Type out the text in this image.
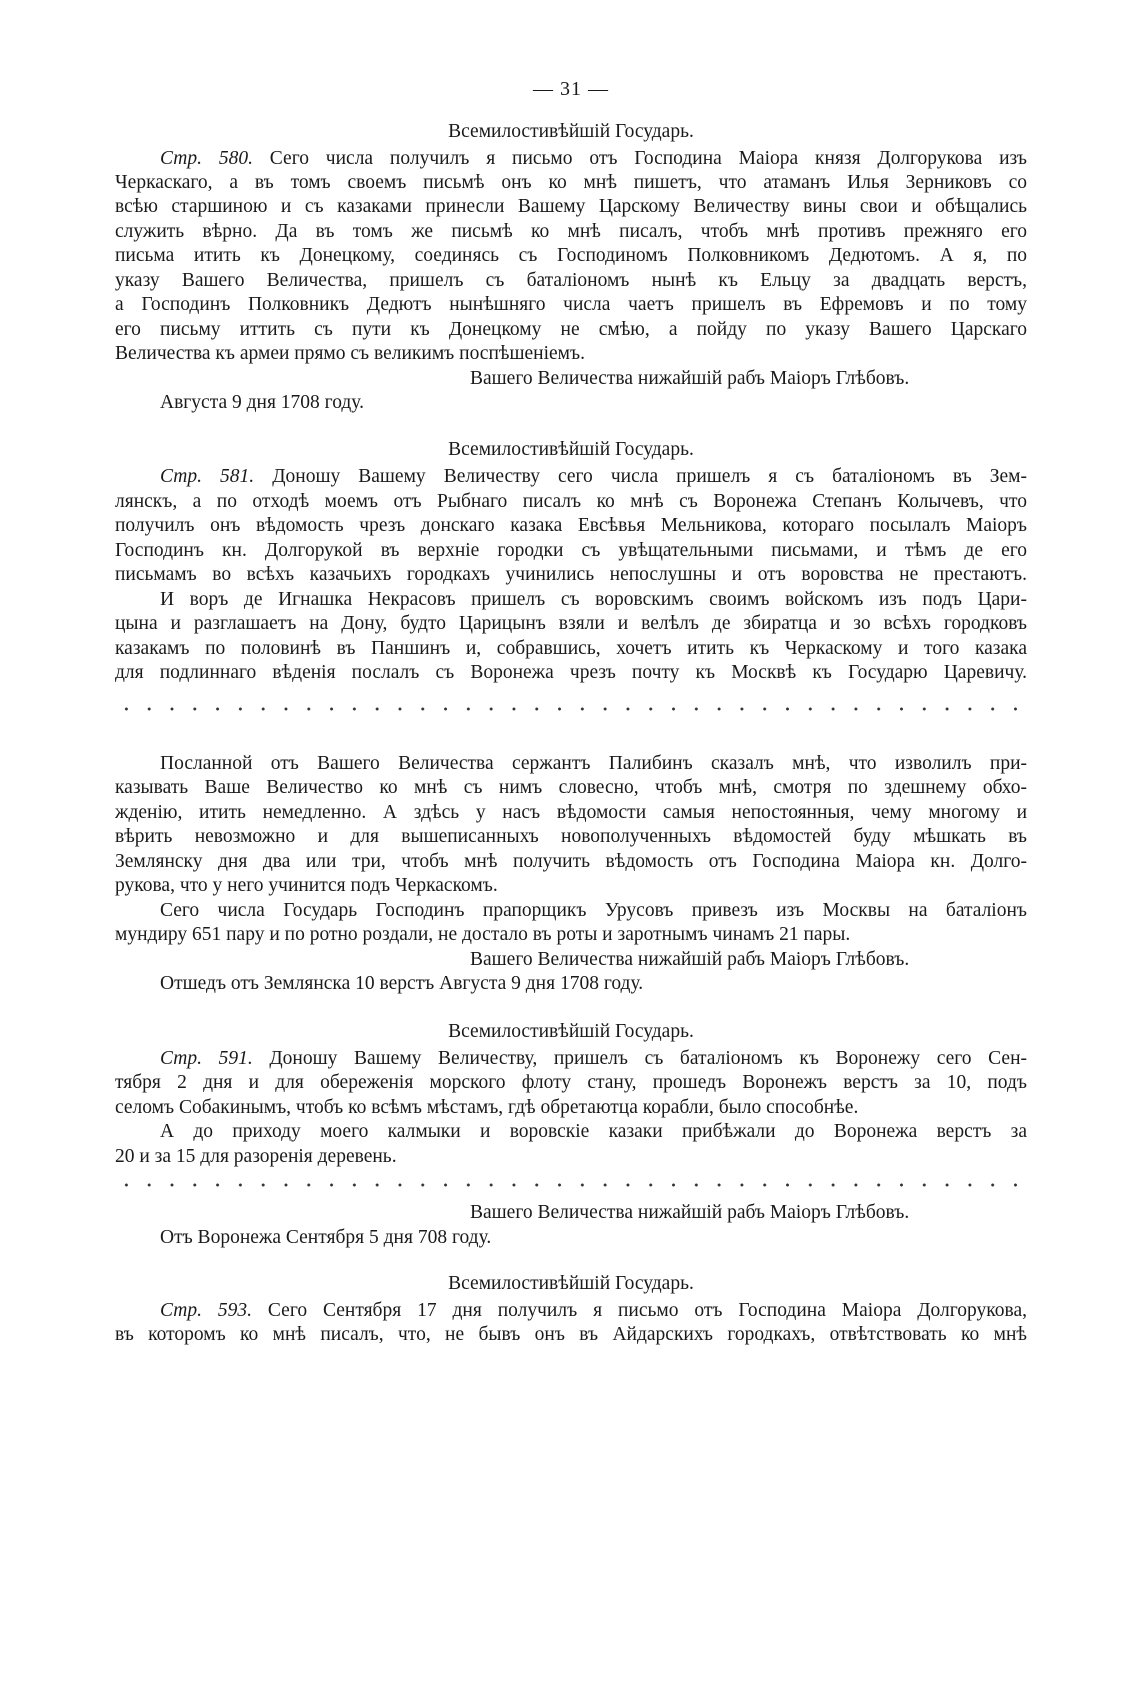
— 31 —
Всемилостивѣйшій Государь.
Стр. 580. Сего числа получилъ я письмо отъ Господина Маіора князя Долгорукова изъ
Черкаскаго, а въ томъ своемъ письмѣ онъ ко мнѣ пишетъ, что атаманъ Илья Зерниковъ со
всѣю старшиною и съ казаками принесли Вашему Царскому Величеству вины свои и обѣщались
служить вѣрно. Да въ томъ же письмѣ ко мнѣ писалъ, чтобъ мнѣ противъ прежняго его
письма итить къ Донецкому, соединясь съ Господиномъ Полковникомъ Дедютомъ. А я, по
указу Вашего Величества, пришелъ съ баталіономъ нынѣ къ Ельцу за двадцать верстъ,
а Господинъ Полковникъ Дедютъ нынѣшняго числа чаетъ пришелъ въ Ефремовъ и по тому
его письму иттить съ пути къ Донецкому не смѣю, а пойду по указу Вашего Царскаго
Величества къ армеи прямо съ великимъ поспѣшеніемъ.
Вашего Величества нижайшій рабъ Маіоръ Глѣбовъ.
Августа 9 дня 1708 году.
Всемилостивѣйшій Государь.
Стр. 581. Доношу Вашему Величеству сего числа пришелъ я съ баталіономъ въ Зем-
лянскъ, а по отходѣ моемъ отъ Рыбнаго писалъ ко мнѣ съ Воронежа Степанъ Колычевъ, что
получилъ онъ вѣдомость чрезъ донскаго казака Евсѣвья Мельникова, котораго посылалъ Маіоръ
Господинъ кн. Долгорукой въ верхніе городки съ увѣщательными письмами, и тѣмъ де его
письмамъ во всѣхъ казачьихъ городкахъ учинились непослушны и отъ воровства не престаютъ.
И воръ де Игнашка Некрасовъ пришелъ съ воровскимъ своимъ войскомъ изъ подъ Цари-
цына и разглашаетъ на Дону, будто Царицынъ взяли и велѣлъ де збиратца и зо всѣхъ городковъ
казакамъ по половинѣ въ Паншинъ и, собравшись, хочетъ итить къ Черкаскому и того казака
для подлиннаго вѣденія послалъ съ Воронежа чрезъ почту къ Москвѣ къ Государю Царевичу.
Посланной отъ Вашего Величества сержантъ Палибинъ сказалъ мнѣ, что изволилъ при-
казывать Ваше Величество ко мнѣ съ нимъ словесно, чтобъ мнѣ, смотря по здешнему обхо-
жденію, итить немедленно. А здѣсь у насъ вѣдомости самыя непостоянныя, чему многому и
вѣрить невозможно и для вышеписанныхъ новополученныхъ вѣдомостей буду мѣшкать въ
Землянску дня два или три, чтобъ мнѣ получить вѣдомость отъ Господина Маіора кн. Долго-
рукова, что у него учинится подъ Черкаскомъ.
Сего числа Государь Господинъ прапорщикъ Урусовъ привезъ изъ Москвы на баталіонъ
мундиру 651 пару и по ротно роздали, не достало въ роты и заротнымъ чинамъ 21 пары.
Вашего Величества нижайшій рабъ Маіоръ Глѣбовъ.
Отшедъ отъ Землянска 10 верстъ Августа 9 дня 1708 году.
Всемилостивѣйшій Государь.
Стр. 591. Доношу Вашему Величеству, пришелъ съ баталіономъ къ Воронежу сего Сен-
тября 2 дня и для обереженія морского флоту стану, прошедъ Воронежъ верстъ за 10, подъ
селомъ Собакинымъ, чтобъ ко всѣмъ мѣстамъ, гдѣ обретаютца корабли, было способнѣе.
А до приходу моего калмыки и воровскіе казаки прибѣжали до Воронежа верстъ за
20 и за 15 для разоренія деревень.
Вашего Величества нижайшій рабъ Маіоръ Глѣбовъ.
Отъ Воронежа Сентября 5 дня 708 году.
Всемилостивѣйшій Государь.
Стр. 593. Сего Сентября 17 дня получилъ я письмо отъ Господина Маіора Долгорукова,
въ которомъ ко мнѣ писалъ, что, не бывъ онъ въ Айдарскихъ городкахъ, отвѣтствовать ко мнѣ
